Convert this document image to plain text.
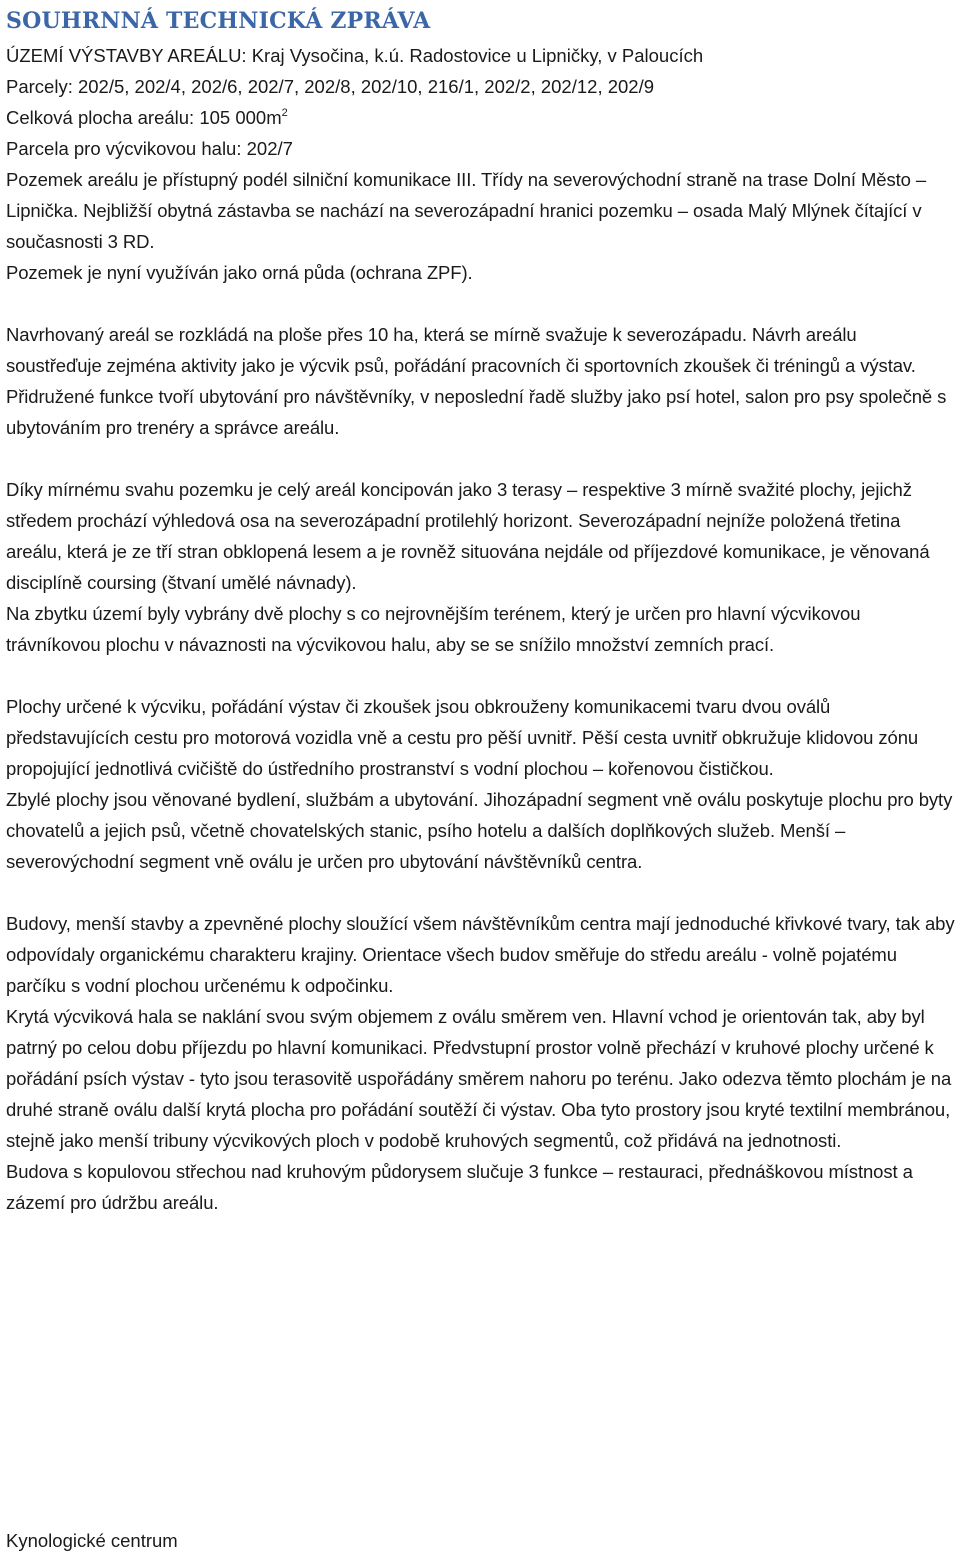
SOUHRNNÁ TECHNICKÁ ZPRÁVA

ÚZEMÍ VÝSTAVBY AREÁLU: Kraj Vysočina, k.ú. Radostovice u Lipničky, v Paloucích

Parcely: 202/5, 202/4, 202/6, 202/7, 202/8, 202/10, 216/1, 202/2, 202/12, 202/9

Celková plocha areálu: 105 $000m^2$

Parcela pro výcvikovou halu: 202/7

Pozemek areálu je přístupný podél silniční komunikace III. Třídy na severovýchodní straně na trase Dolní Město – Lipnička. Nejbližší obytná zástavba se nachází na severozápadní hranici pozemku – osada Malý Mlýnek čítající v současnosti 3 RD.

Pozemek je nyní využíván jako orná půda (ochrana ZPF).

Navrhovaný areál se rozkládá na ploše přes 10 ha, která se mírně svažuje k severozápadu. Návrh areálu soustřeďuje zejména aktivity jako je výcvik psů, pořádání pracovních či sportovních zkoušek či tréningů a výstav. Přidružené funkce tvoří ubytování pro návštěvníky, v neposlední řadě služby jako psí hotel, salon pro psy společně s ubytováním pro trenéry a správce areálu.

Díky mírnému svahu pozemku je celý areál koncipován jako 3 terasy – respektive 3 mírně svažité plochy, jejichž středem prochází výhledová osa na severozápadní protilehlý horizont. Severozápadní nejníže položená třetina areálu, která je ze tří stran obklopená lesem a je rovněž situována nejdále od příjezdové komunikace, je věnovaná disciplíně coursing (štvaní umělé návnady).

Na zbytku území byly vybrány dvě plochy s co nejrovnějším terénem, který je určen pro hlavní výcvikovou trávníkovou plochu v návaznosti na výcvikovou halu, aby se se snížilo množství zemních prací.

Plochy určené k výcviku, pořádání výstav či zkoušek jsou obkrouženy komunikacemi tvaru dvou oválů představujících cestu pro motorová vozidla vně a cestu pro pěší uvnitř. Pěší cesta uvnitř obkružuje klidovou zónu propojující jednotlivá cvičiště do ústředního prostranství s vodní plochou – kořenovou čističkou.

Zbylé plochy jsou věnované bydlení, službám a ubytování. Jihozápadní segment vně oválu poskytuje plochu pro byty chovatelů a jejich psů, včetně chovatelských stanic, psího hotelu a dalších doplňkových služeb. Menší – severovýchodní segment vně oválu je určen pro ubytování návštěvníků centra.

Budovy, menší stavby a zpevněné plochy sloužící všem návštěvníkům centra mají jednoduché křivkové tvary, tak aby odpovídaly organickému charakteru krajiny. Orientace všech budov směřuje do středu areálu - volně pojatému parčíku s vodní plochou určenému k odpočinku.

Krytá výcviková hala se naklání svou svým objemem z oválu směrem ven. Hlavní vchod je orientován tak, aby byl patrný po celou dobu příjezdu po hlavní komunikaci. Předvstupní prostor volně přechází v kruhové plochy určené k pořádání psích výstav - tyto jsou terasovitě uspořádány směrem nahoru po terénu. Jako odezva těmto plochám je na druhé straně oválu další krytá plocha pro pořádání soutěží či výstav. Oba tyto prostory jsou kryté textilní membránou, stejně jako menší tribuny výcvikových ploch v podobě kruhových segmentů, což přidává na jednotnosti.

Budova s kopulovou střechou nad kruhovým půdorysem slučuje 3 funkce – restauraci, přednáškovou místnost a zázemí pro údržbu areálu.

Kynologické centrum
